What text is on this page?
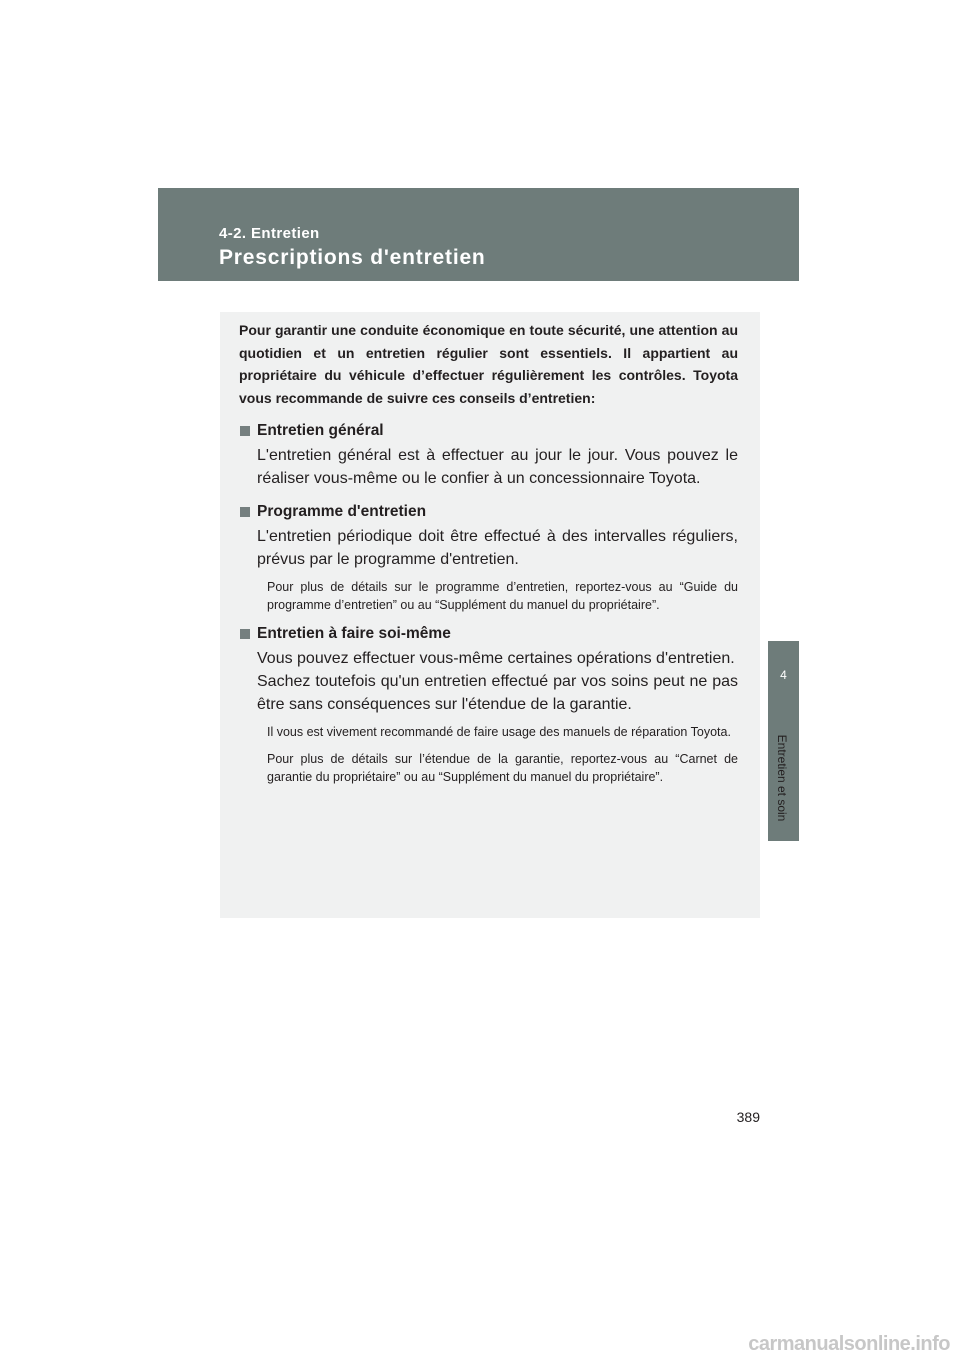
4-2. Entretien
Prescriptions d'entretien
4
Entretien et soin

Pour garantir une conduite économique en toute sécurité, une attention au quotidien et un entretien régulier sont essentiels. Il appartient au propriétaire du véhicule d’effectuer régulièrement les contrôles. Toyota vous recommande de suivre ces conseils d’entretien:

Entretien général

L'entretien général est à effectuer au jour le jour. Vous pouvez le réaliser vous-même ou le confier à un concessionnaire Toyota.

Programme d'entretien

L'entretien périodique doit être effectué à des intervalles réguliers, prévus par le programme d'entretien.

Pour plus de détails sur le programme d’entretien, reportez-vous au “Guide du programme d’entretien” ou au “Supplément du manuel du propriétaire”.

Entretien à faire soi-même

Vous pouvez effectuer vous-même certaines opérations d'entretien.

Sachez toutefois qu'un entretien effectué par vos soins peut ne pas être sans conséquences sur l'étendue de la garantie.

Il vous est vivement recommandé de faire usage des manuels de réparation Toyota.

Pour plus de détails sur l’étendue de la garantie, reportez-vous au “Carnet de garantie du propriétaire” ou au “Supplément du manuel du propriétaire”.

389
carmanualsonline.info
